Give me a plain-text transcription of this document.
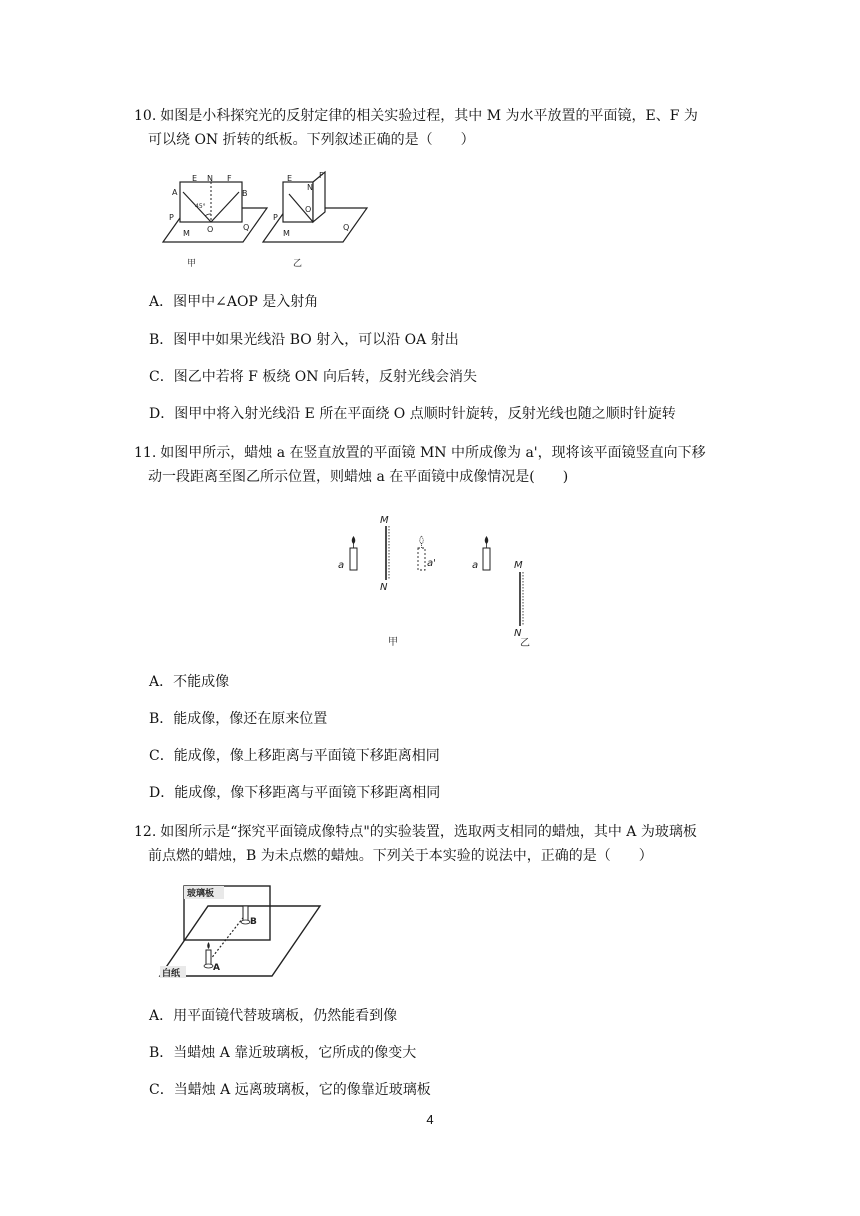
10. 如图是小科探究光的反射定律的相关实验过程，其中 M 为水平放置的平面镜，E、F 为
可以绕 ON 折转的纸板。下列叙述正确的是（　　）
A
E N F
B
P
M O	Q
45°
甲
E
N
F
O
P
M
Q
乙
A．图甲中∠AOP 是入射角
B．图甲中如果光线沿 BO 射入，可以沿 OA 射出
C．图乙中若将 F 板绕 ON 向后转，反射光线会消失
D．图甲中将入射光线沿 E 所在平面绕 O 点顺时针旋转，反射光线也随之顺时针旋转
11. 如图甲所示，蜡烛 a 在竖直放置的平面镜 MN 中所成像为 a'，现将该平面镜竖直向下移
动一段距离至图乙所示位置，则蜡烛 a 在平面镜中成像情况是(　　)
a
M
N
a'
甲
a	M
N
乙
A．不能成像
B．能成像，像还在原来位置
C．能成像，像上移距离与平面镜下移距离相同
D．能成像，像下移距离与平面镜下移距离相同
12. 如图所示是“探究平面镜成像特点"的实验装置，选取两支相同的蜡烛，其中 A 为玻璃板
前点燃的蜡烛，B 为未点燃的蜡烛。下列关于本实验的说法中，正确的是（　　）
玻璃板
B
A
白纸
A．用平面镜代替玻璃板，仍然能看到像
B．当蜡烛 A 靠近玻璃板，它所成的像变大
C．当蜡烛 A 远离玻璃板，它的像靠近玻璃板
4
